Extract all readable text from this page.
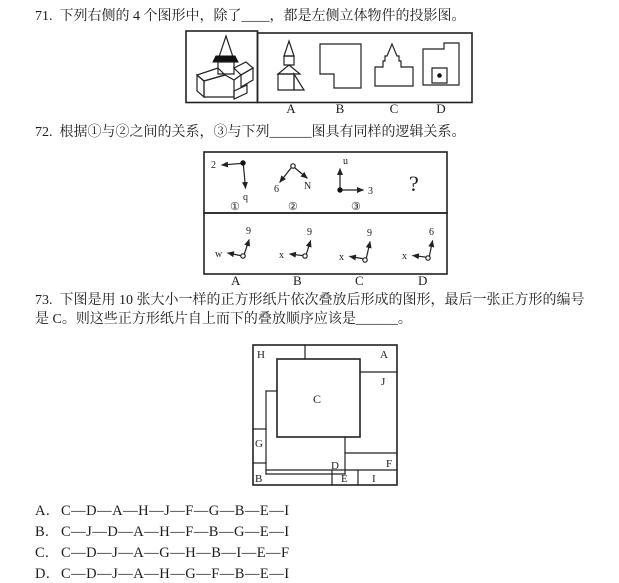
71. 下列右侧的 4 个图形中，除了____，都是左侧立体物件的投影图。
A	B	C	D
72. 根据①与②之间的关系，③与下列______图具有同样的逻辑关系。
2
q
①
6	N
②
u
3
③
?
w
9
A
x
9
B
x
9
C
x
6
D
73. 下图是用 10 张大小一样的正方形纸片依次叠放后形成的图形，最后一张正方形的编号
是 C。则这些正方形纸片自上而下的叠放顺序应该是______。
H	A
J
C
G
D
B	E I
F
A. C—D—A—H—J—F—G—B—E—I
B. C—J—D—A—H—F—B—G—E—I
C. C—D—J—A—G—H—B—I—E—F
D. C—D—J—A—H—G—F—B—E—I
